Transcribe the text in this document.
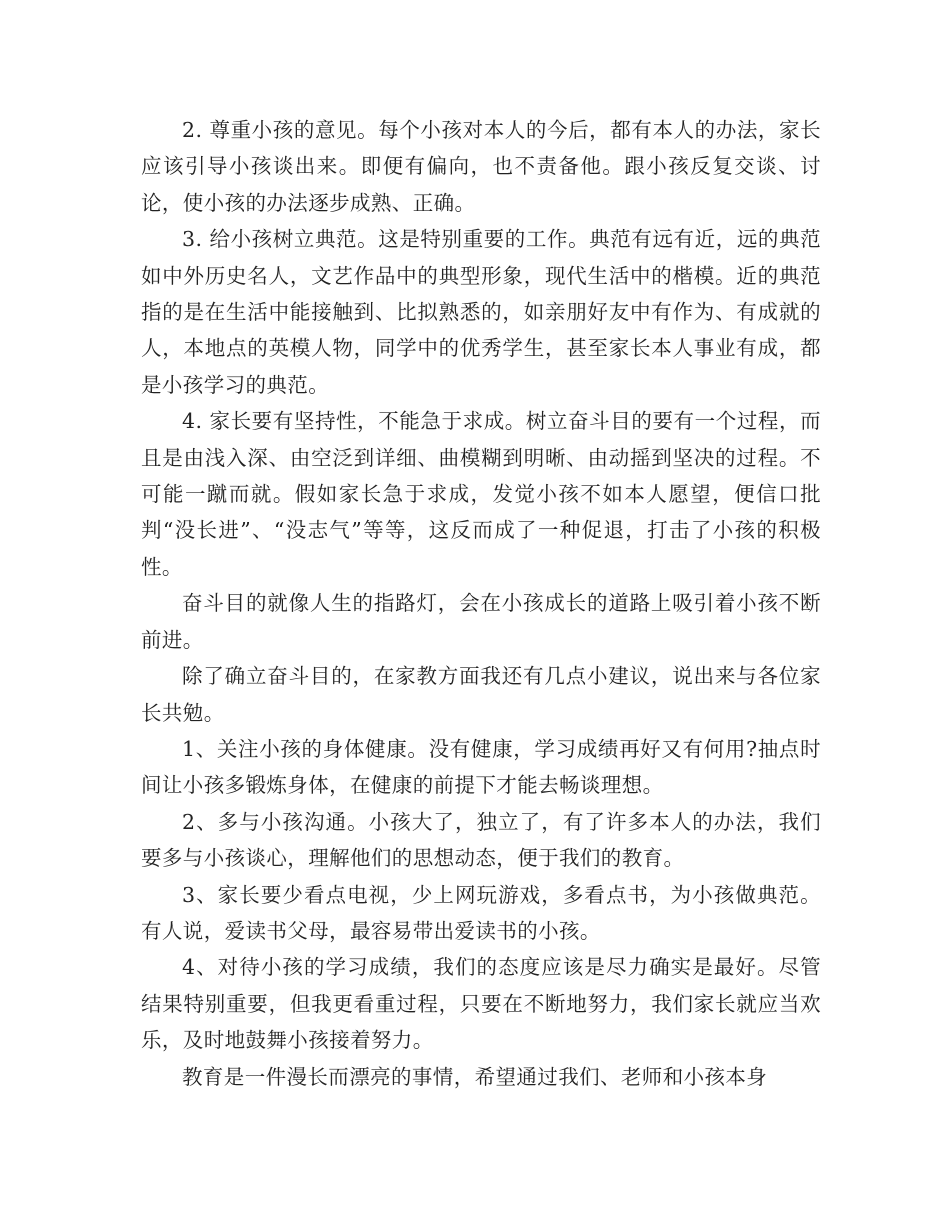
2. 尊重小孩的意见。每个小孩对本人的今后，都有本人的办法，家长应该引导小孩谈出来。即便有偏向，也不责备他。跟小孩反复交谈、讨论，使小孩的办法逐步成熟、正确。

3. 给小孩树立典范。这是特别重要的工作。典范有远有近，远的典范如中外历史名人，文艺作品中的典型形象，现代生活中的楷模。近的典范指的是在生活中能接触到、比拟熟悉的，如亲朋好友中有作为、有成就的人，本地点的英模人物，同学中的优秀学生，甚至家长本人事业有成，都是小孩学习的典范。

4. 家长要有坚持性，不能急于求成。树立奋斗目的要有一个过程，而且是由浅入深、由空泛到详细、曲模糊到明晰、由动摇到坚决的过程。不可能一蹴而就。假如家长急于求成，发觉小孩不如本人愿望，便信口批判“没长进”、“没志气”等等，这反而成了一种促退，打击了小孩的积极性。

奋斗目的就像人生的指路灯，会在小孩成长的道路上吸引着小孩不断前进。

除了确立奋斗目的，在家教方面我还有几点小建议，说出来与各位家长共勉。

1、关注小孩的身体健康。没有健康，学习成绩再好又有何用?抽点时间让小孩多锻炼身体，在健康的前提下才能去畅谈理想。

2、多与小孩沟通。小孩大了，独立了，有了许多本人的办法，我们要多与小孩谈心，理解他们的思想动态，便于我们的教育。

3、家长要少看点电视，少上网玩游戏，多看点书，为小孩做典范。有人说，爱读书父母，最容易带出爱读书的小孩。

4、对待小孩的学习成绩，我们的态度应该是尽力确实是最好。尽管结果特别重要，但我更看重过程，只要在不断地努力，我们家长就应当欢乐，及时地鼓舞小孩接着努力。

教育是一件漫长而漂亮的事情，希望通过我们、老师和小孩本身
